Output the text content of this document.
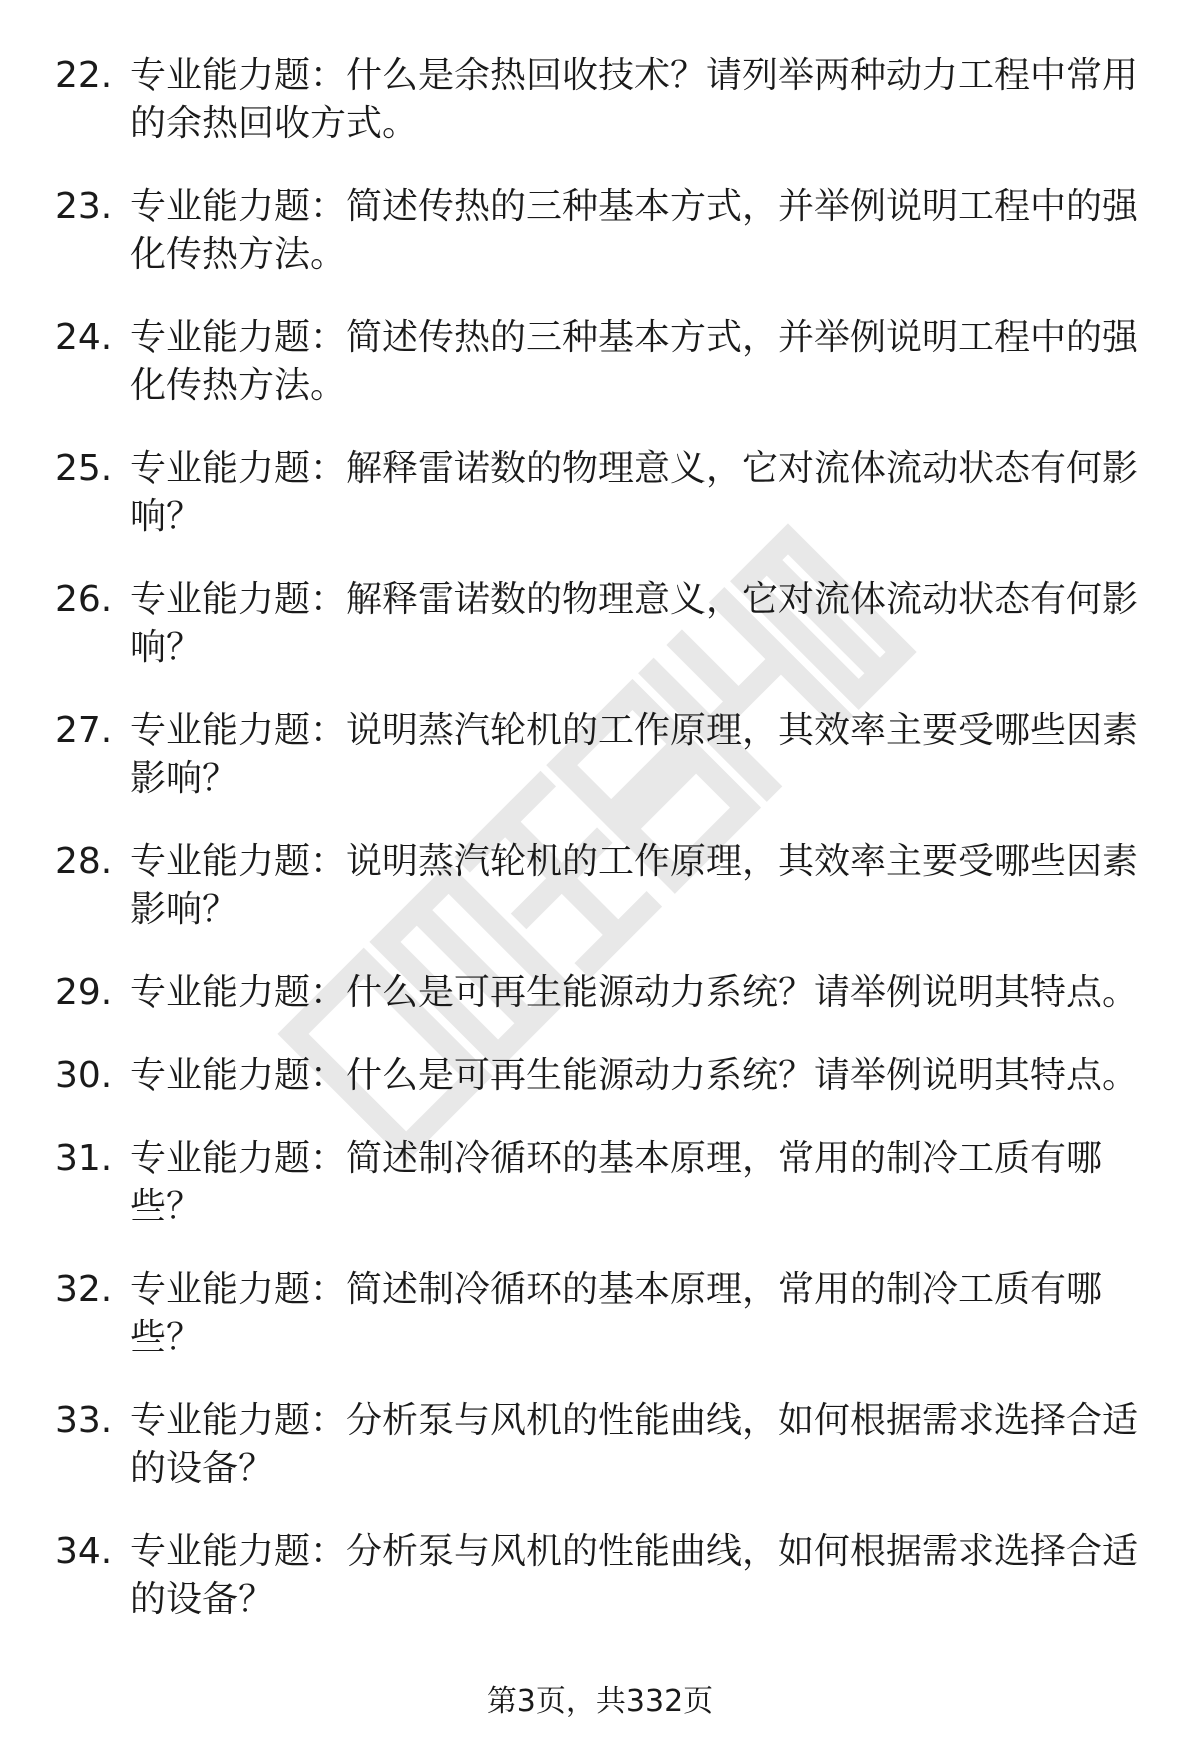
22. 专业能力题：什么是余热回收技术？请列举两种动力工程中常用的余热回收方式。
23. 专业能力题：简述传热的三种基本方式，并举例说明工程中的强化传热方法。
24. 专业能力题：简述传热的三种基本方式，并举例说明工程中的强化传热方法。
25. 专业能力题：解释雷诺数的物理意义，它对流体流动状态有何影响？
26. 专业能力题：解释雷诺数的物理意义，它对流体流动状态有何影响？
27. 专业能力题：说明蒸汽轮机的工作原理，其效率主要受哪些因素影响？
28. 专业能力题：说明蒸汽轮机的工作原理，其效率主要受哪些因素影响？
29. 专业能力题：什么是可再生能源动力系统？请举例说明其特点。
30. 专业能力题：什么是可再生能源动力系统？请举例说明其特点。
31. 专业能力题：简述制冷循环的基本原理，常用的制冷工质有哪些？
32. 专业能力题：简述制冷循环的基本原理，常用的制冷工质有哪些？
33. 专业能力题：分析泵与风机的性能曲线，如何根据需求选择合适的设备？
34. 专业能力题：分析泵与风机的性能曲线，如何根据需求选择合适的设备？
第3页，共332页
